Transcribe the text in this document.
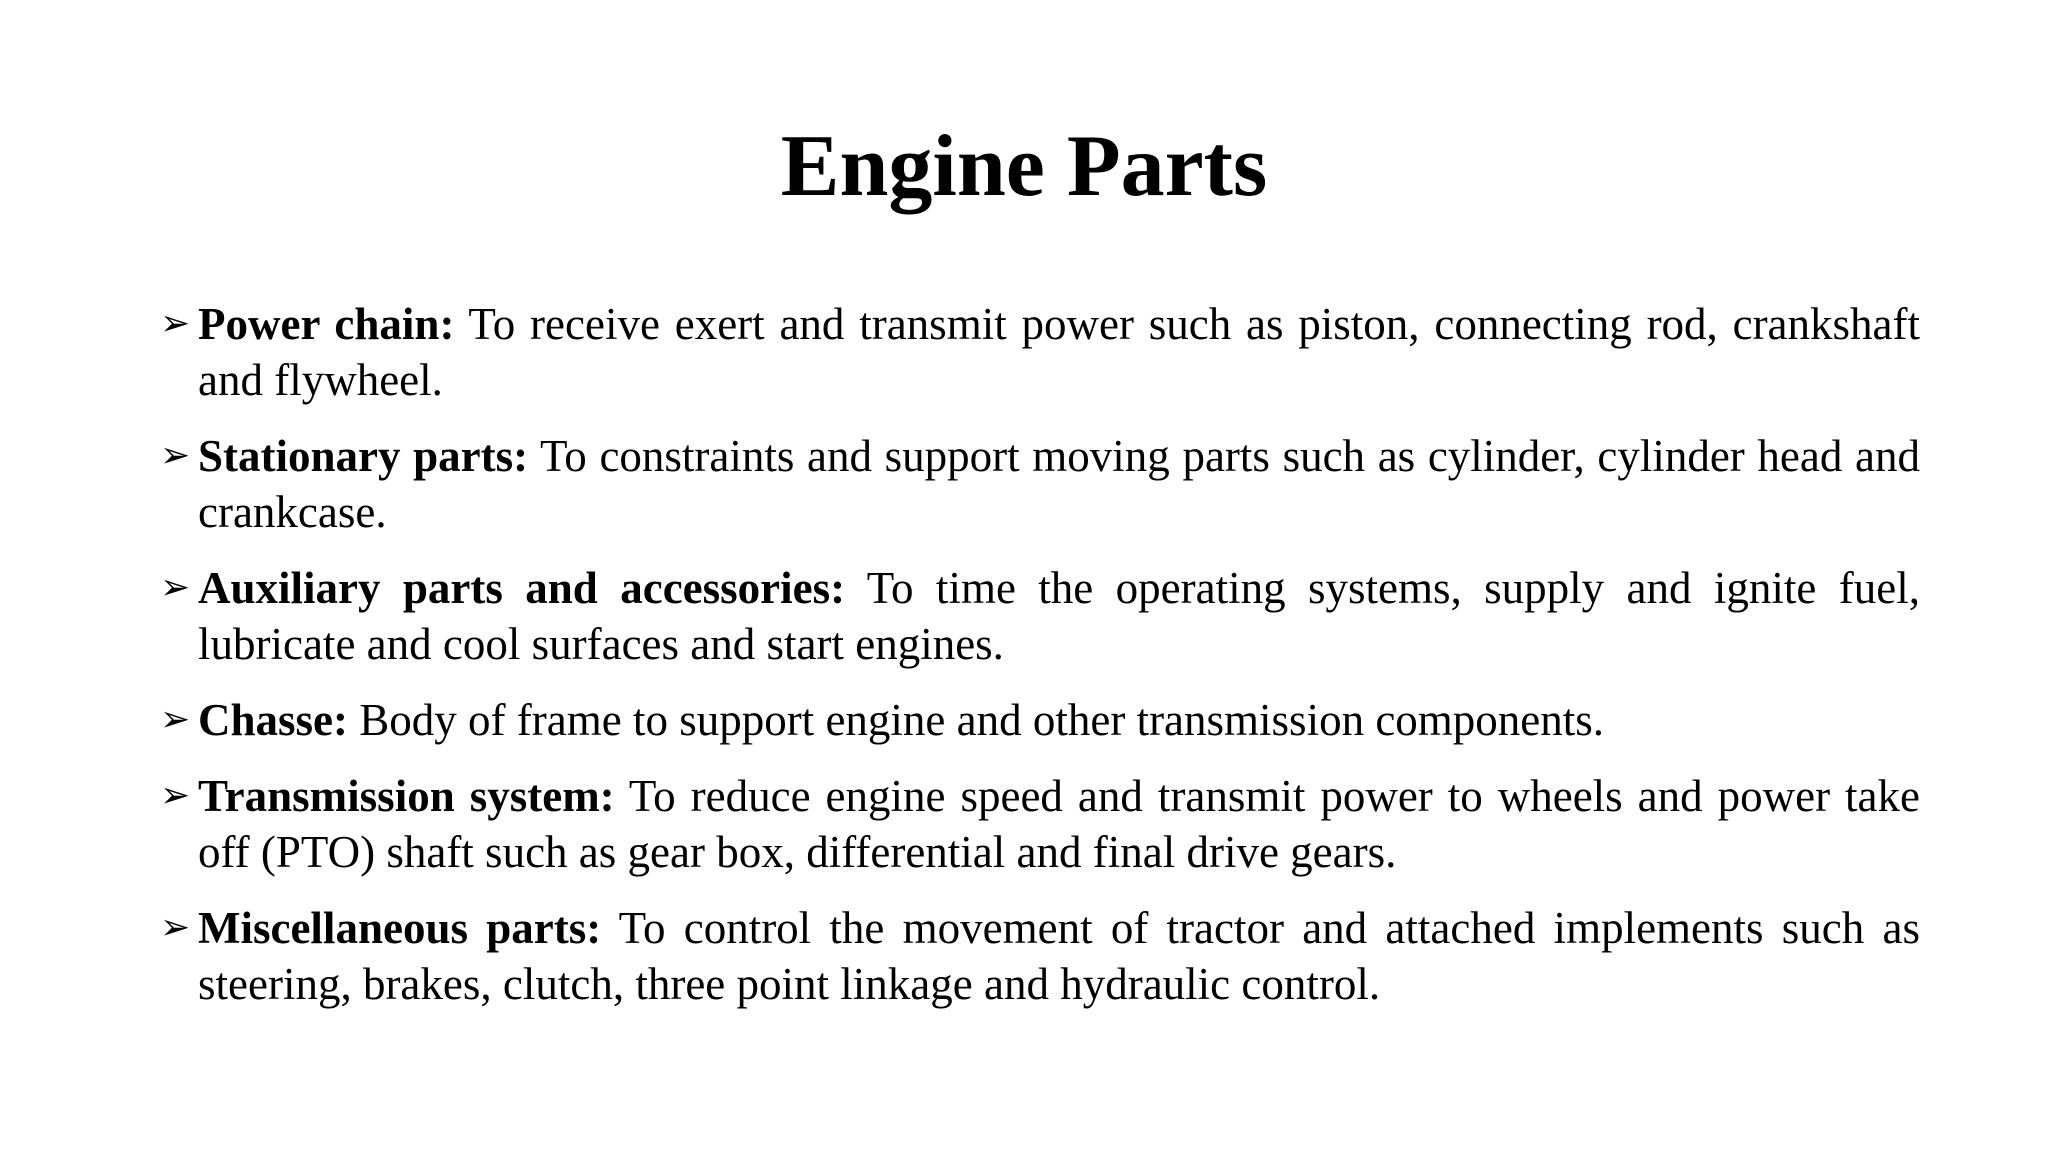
Engine Parts
➢ Power chain: To receive exert and transmit power such as piston, connecting rod, crankshaft and flywheel.
➢ Stationary parts: To constraints and support moving parts such as cylinder, cylinder head and crankcase.
➢ Auxiliary parts and accessories: To time the operating systems, supply and ignite fuel, lubricate and cool surfaces and start engines.
➢ Chasse: Body of frame to support engine and other transmission components.
➢ Transmission system: To reduce engine speed and transmit power to wheels and power take off (PTO) shaft such as gear box, differential and final drive gears.
➢ Miscellaneous parts: To control the movement of tractor and attached implements such as steering, brakes, clutch, three point linkage and hydraulic control.
